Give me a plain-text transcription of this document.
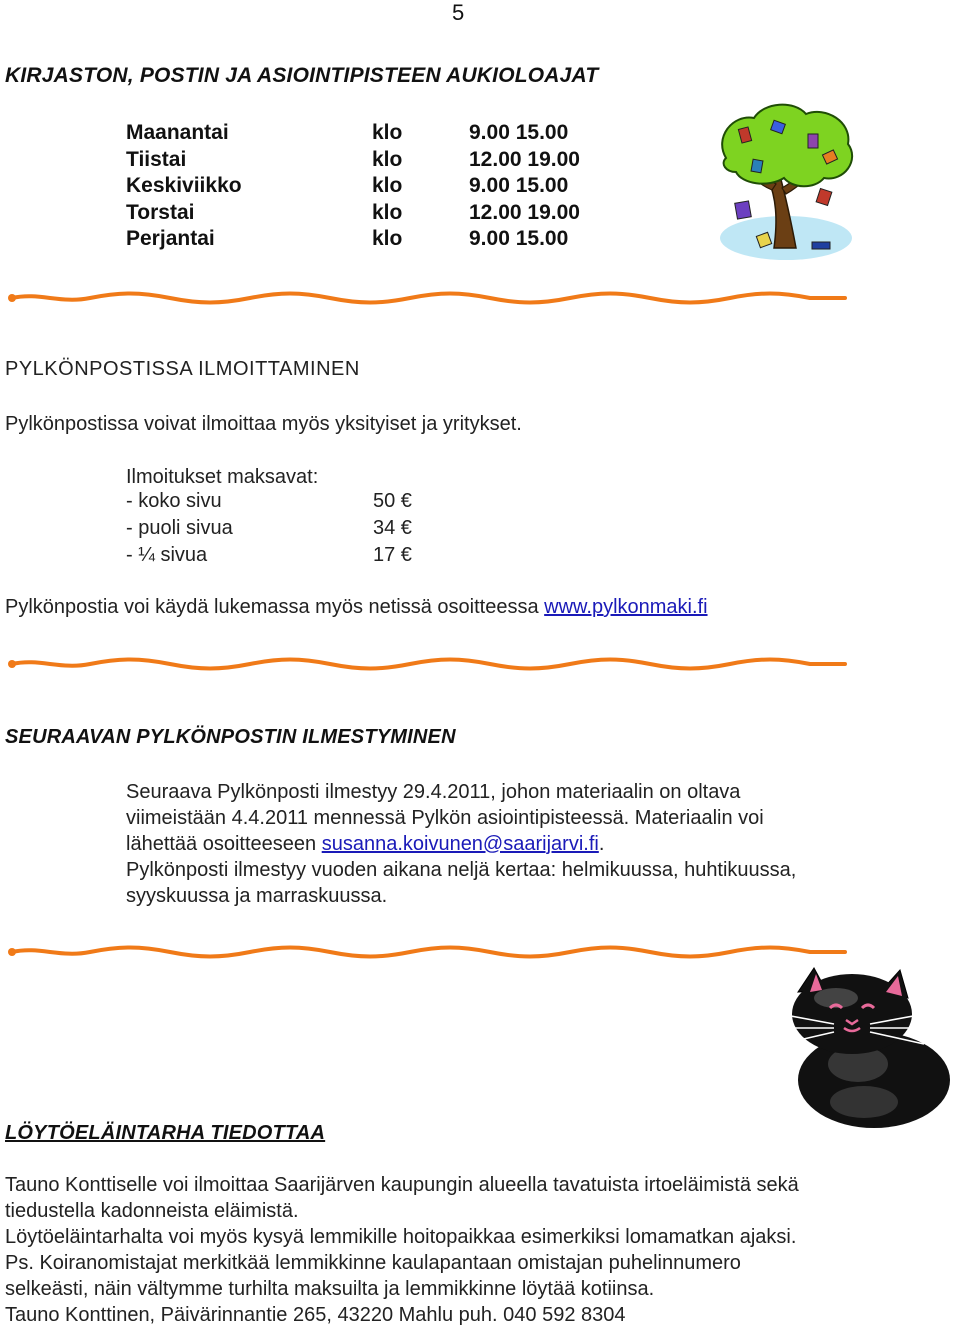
5
KIRJASTON, POSTIN JA ASIOINTIPISTEEN AUKIOLOAJAT
Maanantai	klo	9.00 15.00
Tiistai	klo	12.00 19.00
Keskiviikko	klo	9.00 15.00
Torstai	klo	12.00 19.00
Perjantai	klo	9.00 15.00
PYLKÖNPOSTISSA ILMOITTAMINEN
Pylkönpostissa voivat ilmoittaa myös yksityiset ja yritykset.
Ilmoitukset maksavat:
- koko sivu	50 €
- puoli sivua	34 €
- ¼ sivua	17 €
Pylkönpostia voi käydä lukemassa myös netissä osoitteessa www.pylkonmaki.fi
SEURAAVAN PYLKÖNPOSTIN ILMESTYMINEN
Seuraava Pylkönposti ilmestyy 29.4.2011, johon materiaalin on oltava
viimeistään 4.4.2011 mennessä Pylkön asiointipisteessä. Materiaalin voi
lähettää osoitteeseen susanna.koivunen@saarijarvi.fi.
Pylkönposti ilmestyy vuoden aikana neljä kertaa: helmikuussa, huhtikuussa,
syyskuussa ja marraskuussa.
LÖYTÖELÄINTARHA TIEDOTTAA
Tauno Konttiselle voi ilmoittaa Saarijärven kaupungin alueella tavatuista irtoeläimistä sekä
tiedustella kadonneista eläimistä.
Löytöeläintarhalta voi myös kysyä lemmikille hoitopaikkaa esimerkiksi lomamatkan ajaksi.
Ps. Koiranomistajat merkitkää lemmikkinne kaulapantaan omistajan puhelinnumero
selkeästi, näin vältymme turhilta maksuilta ja lemmikkinne löytää kotiinsa.
Tauno Konttinen, Päivärinnantie 265, 43220 Mahlu puh. 040 592 8304
